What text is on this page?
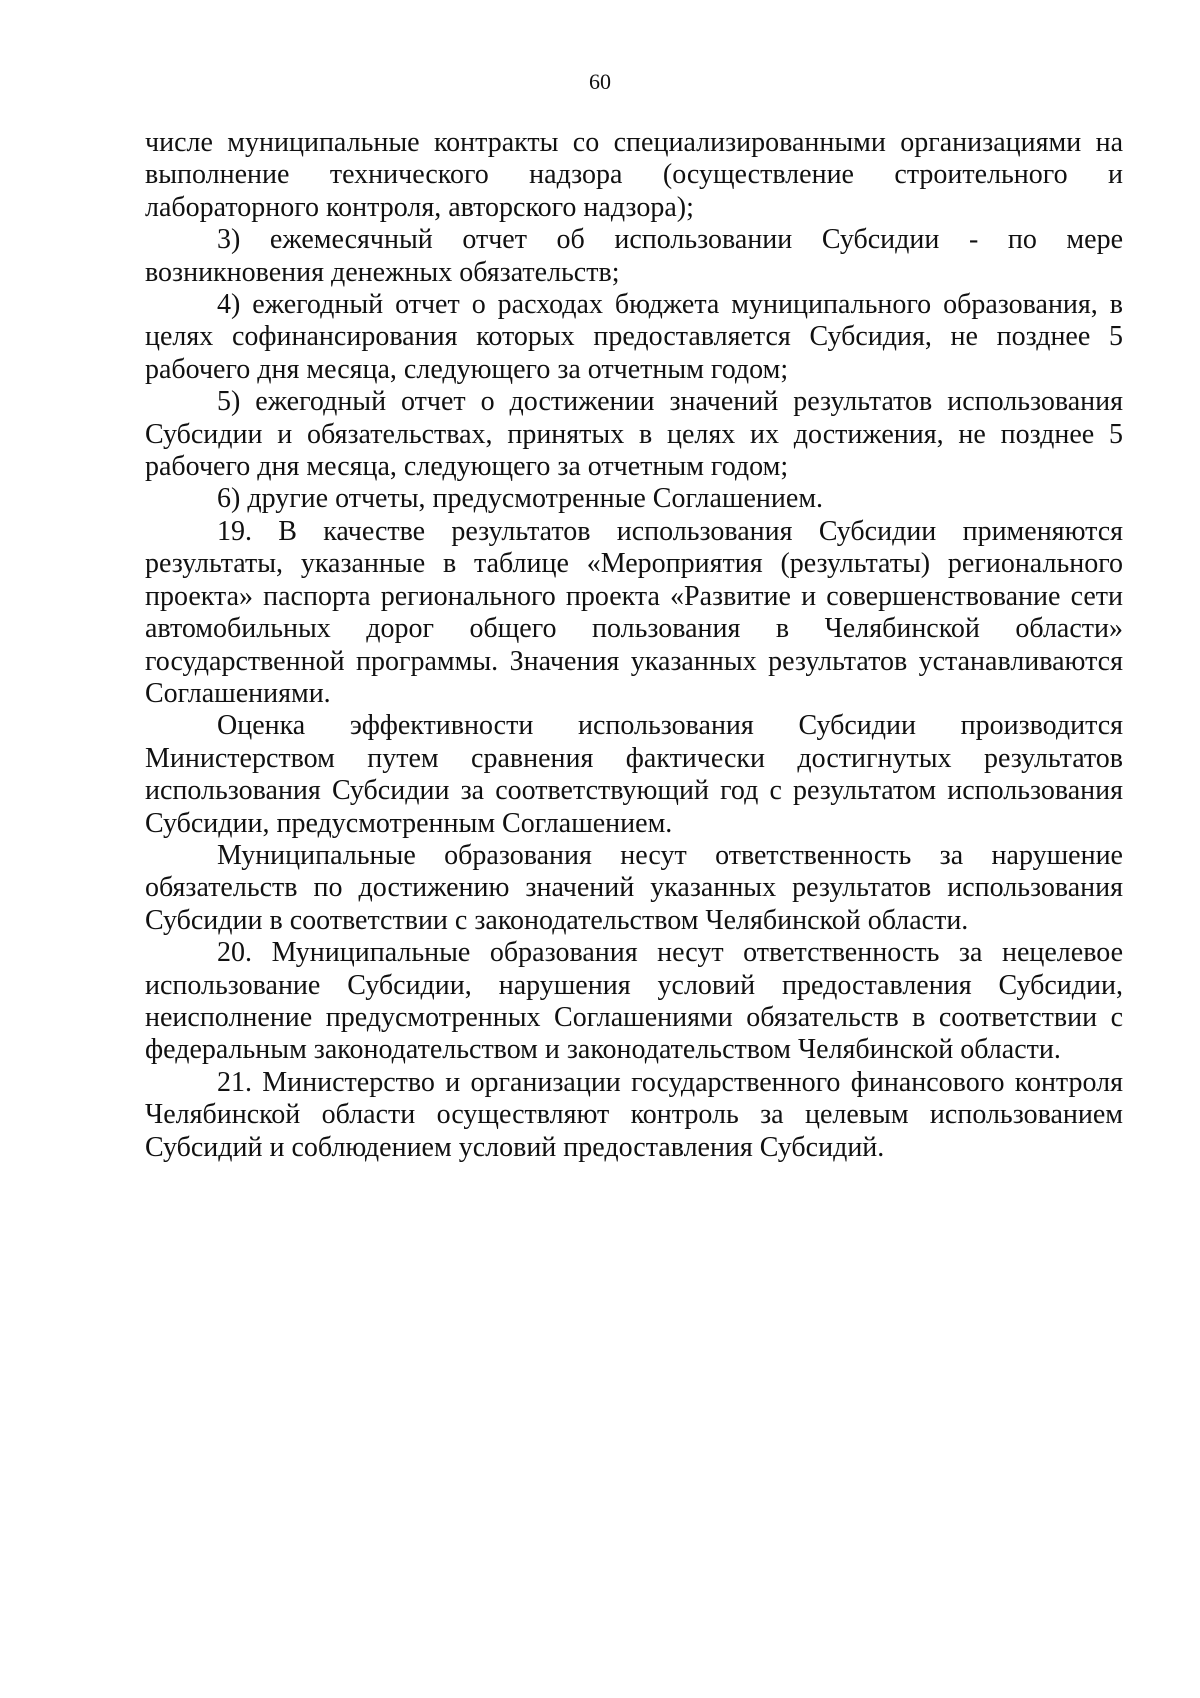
60

числе муниципальные контракты со специализированными организациями на выполнение технического надзора (осуществление строительного и лабораторного контроля, авторского надзора);

3) ежемесячный отчет об использовании Субсидии - по мере возникновения денежных обязательств;

4) ежегодный отчет о расходах бюджета муниципального образования, в целях софинансирования которых предоставляется Субсидия, не позднее 5 рабочего дня месяца, следующего за отчетным годом;

5) ежегодный отчет о достижении значений результатов использования Субсидии и обязательствах, принятых в целях их достижения, не позднее 5 рабочего дня месяца, следующего за отчетным годом;

6) другие отчеты, предусмотренные Соглашением.

19. В качестве результатов использования Субсидии применяются результаты, указанные в таблице «Мероприятия (результаты) регионального проекта» паспорта регионального проекта «Развитие и совершенствование сети автомобильных дорог общего пользования в Челябинской области» государственной программы. Значения указанных результатов устанавливаются Соглашениями.

Оценка эффективности использования Субсидии производится Министерством путем сравнения фактически достигнутых результатов использования Субсидии за соответствующий год с результатом использования Субсидии, предусмотренным Соглашением.

Муниципальные образования несут ответственность за нарушение обязательств по достижению значений указанных результатов использования Субсидии в соответствии с законодательством Челябинской области.

20. Муниципальные образования несут ответственность за нецелевое использование Субсидии, нарушения условий предоставления Субсидии, неисполнение предусмотренных Соглашениями обязательств в соответствии с федеральным законодательством и законодательством Челябинской области.

21. Министерство и организации государственного финансового контроля Челябинской области осуществляют контроль за целевым использованием Субсидий и соблюдением условий предоставления Субсидий.
